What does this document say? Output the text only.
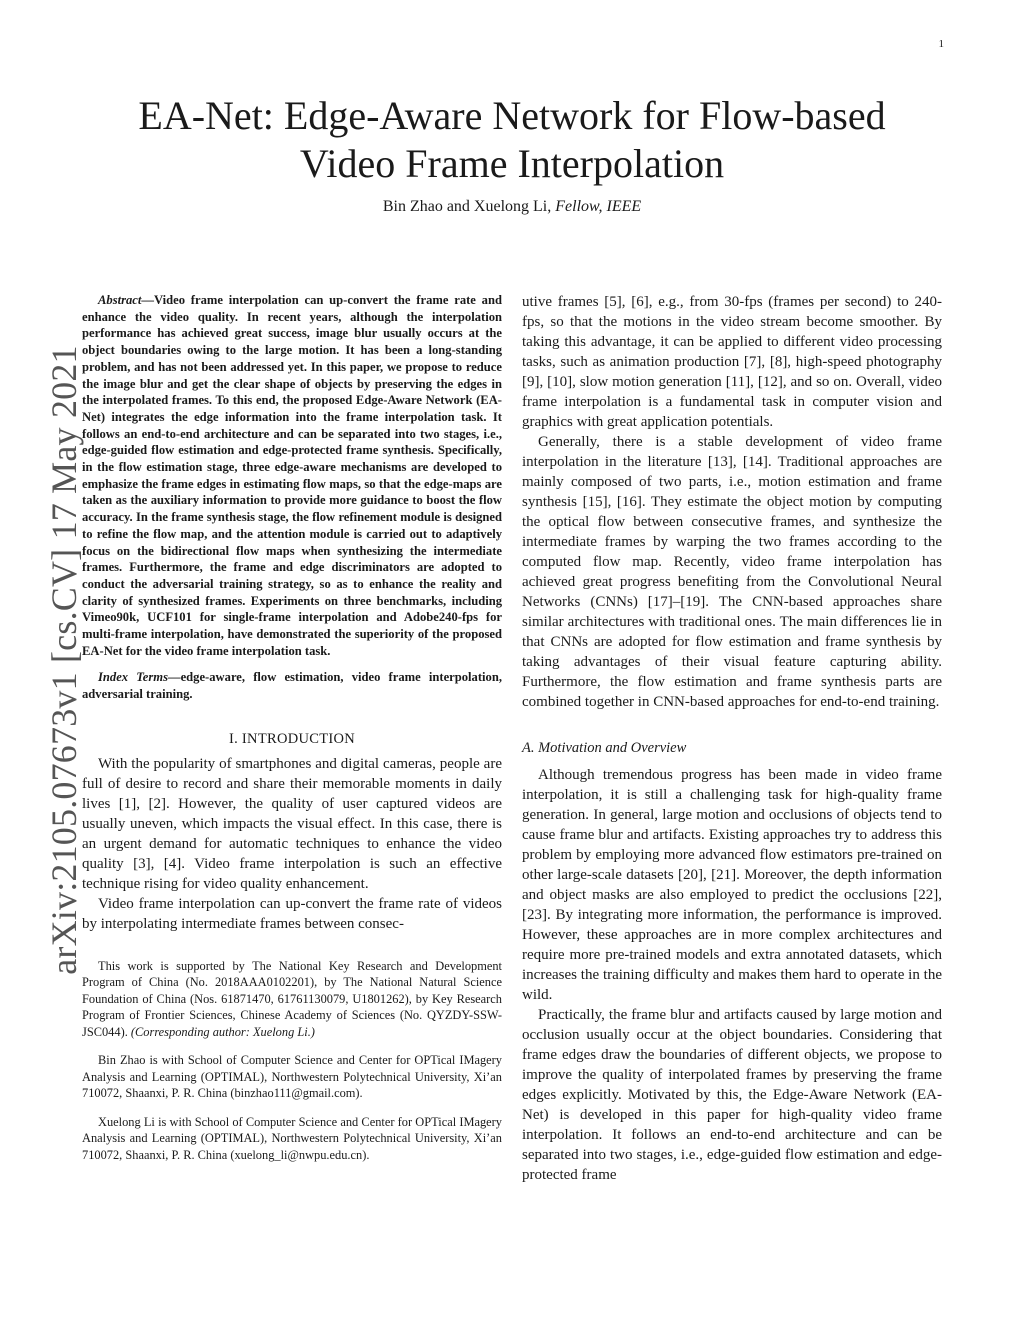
1
arXiv:2105.07673v1 [cs.CV] 17 May 2021
EA-Net: Edge-Aware Network for Flow-based
Video Frame Interpolation
Bin Zhao and Xuelong Li, Fellow, IEEE

Abstract—Video frame interpolation can up-convert the frame rate and enhance the video quality. In recent years, although the interpolation performance has achieved great success, image blur usually occurs at the object boundaries owing to the large motion. It has been a long-standing problem, and has not been addressed yet. In this paper, we propose to reduce the image blur and get the clear shape of objects by preserving the edges in the interpolated frames. To this end, the proposed Edge-Aware Network (EA-Net) integrates the edge information into the frame interpolation task. It follows an end-to-end architecture and can be separated into two stages, i.e., edge-guided flow estimation and edge-protected frame synthesis. Specifically, in the flow estimation stage, three edge-aware mechanisms are developed to emphasize the frame edges in estimating flow maps, so that the edge-maps are taken as the auxiliary information to provide more guidance to boost the flow accuracy. In the frame synthesis stage, the flow refinement module is designed to refine the flow map, and the attention module is carried out to adaptively focus on the bidirectional flow maps when synthesizing the intermediate frames. Furthermore, the frame and edge discriminators are adopted to conduct the adversarial training strategy, so as to enhance the reality and clarity of synthesized frames. Experiments on three benchmarks, including Vimeo90k, UCF101 for single-frame interpolation and Adobe240-fps for multi-frame interpolation, have demonstrated the superiority of the proposed EA-Net for the video frame interpolation task.

Index Terms—edge-aware, flow estimation, video frame interpolation, adversarial training.

I. INTRODUCTION

With the popularity of smartphones and digital cameras, people are full of desire to record and share their memorable moments in daily lives [1], [2]. However, the quality of user captured videos are usually uneven, which impacts the visual effect. In this case, there is an urgent demand for automatic techniques to enhance the video quality [3], [4]. Video frame interpolation is such an effective technique rising for video quality enhancement.

Video frame interpolation can up-convert the frame rate of videos by interpolating intermediate frames between consec-

This work is supported by The National Key Research and Development Program of China (No. 2018AAA0102201), by The National Natural Science Foundation of China (Nos. 61871470, 61761130079, U1801262), by Key Research Program of Frontier Sciences, Chinese Academy of Sciences (No. QYZDY-SSW-JSC044). (Corresponding author: Xuelong Li.)

Bin Zhao is with School of Computer Science and Center for OPTical IMagery Analysis and Learning (OPTIMAL), Northwestern Polytechnical University, Xi’an 710072, Shaanxi, P. R. China (binzhao111@gmail.com).

Xuelong Li is with School of Computer Science and Center for OPTical IMagery Analysis and Learning (OPTIMAL), Northwestern Polytechnical University, Xi’an 710072, Shaanxi, P. R. China (xuelong_li@nwpu.edu.cn).

utive frames [5], [6], e.g., from 30-fps (frames per second) to 240-fps, so that the motions in the video stream become smoother. By taking this advantage, it can be applied to different video processing tasks, such as animation production [7], [8], high-speed photography [9], [10], slow motion generation [11], [12], and so on. Overall, video frame interpolation is a fundamental task in computer vision and graphics with great application potentials.

Generally, there is a stable development of video frame interpolation in the literature [13], [14]. Traditional approaches are mainly composed of two parts, i.e., motion estimation and frame synthesis [15], [16]. They estimate the object motion by computing the optical flow between consecutive frames, and synthesize the intermediate frames by warping the two frames according to the computed flow map. Recently, video frame interpolation has achieved great progress benefiting from the Convolutional Neural Networks (CNNs) [17]–[19]. The CNN-based approaches share similar architectures with traditional ones. The main differences lie in that CNNs are adopted for flow estimation and frame synthesis by taking advantages of their visual feature capturing ability. Furthermore, the flow estimation and frame synthesis parts are combined together in CNN-based approaches for end-to-end training.

A. Motivation and Overview

Although tremendous progress has been made in video frame interpolation, it is still a challenging task for high-quality frame generation. In general, large motion and occlusions of objects tend to cause frame blur and artifacts. Existing approaches try to address this problem by employing more advanced flow estimators pre-trained on other large-scale datasets [20], [21]. Moreover, the depth information and object masks are also employed to predict the occlusions [22], [23]. By integrating more information, the performance is improved. However, these approaches are in more complex architectures and require more pre-trained models and extra annotated datasets, which increases the training difficulty and makes them hard to operate in the wild.

Practically, the frame blur and artifacts caused by large motion and occlusion usually occur at the object boundaries. Considering that frame edges draw the boundaries of different objects, we propose to improve the quality of interpolated frames by preserving the frame edges explicitly. Motivated by this, the Edge-Aware Network (EA-Net) is developed in this paper for high-quality video frame interpolation. It follows an end-to-end architecture and can be separated into two stages, i.e., edge-guided flow estimation and edge-protected frame
